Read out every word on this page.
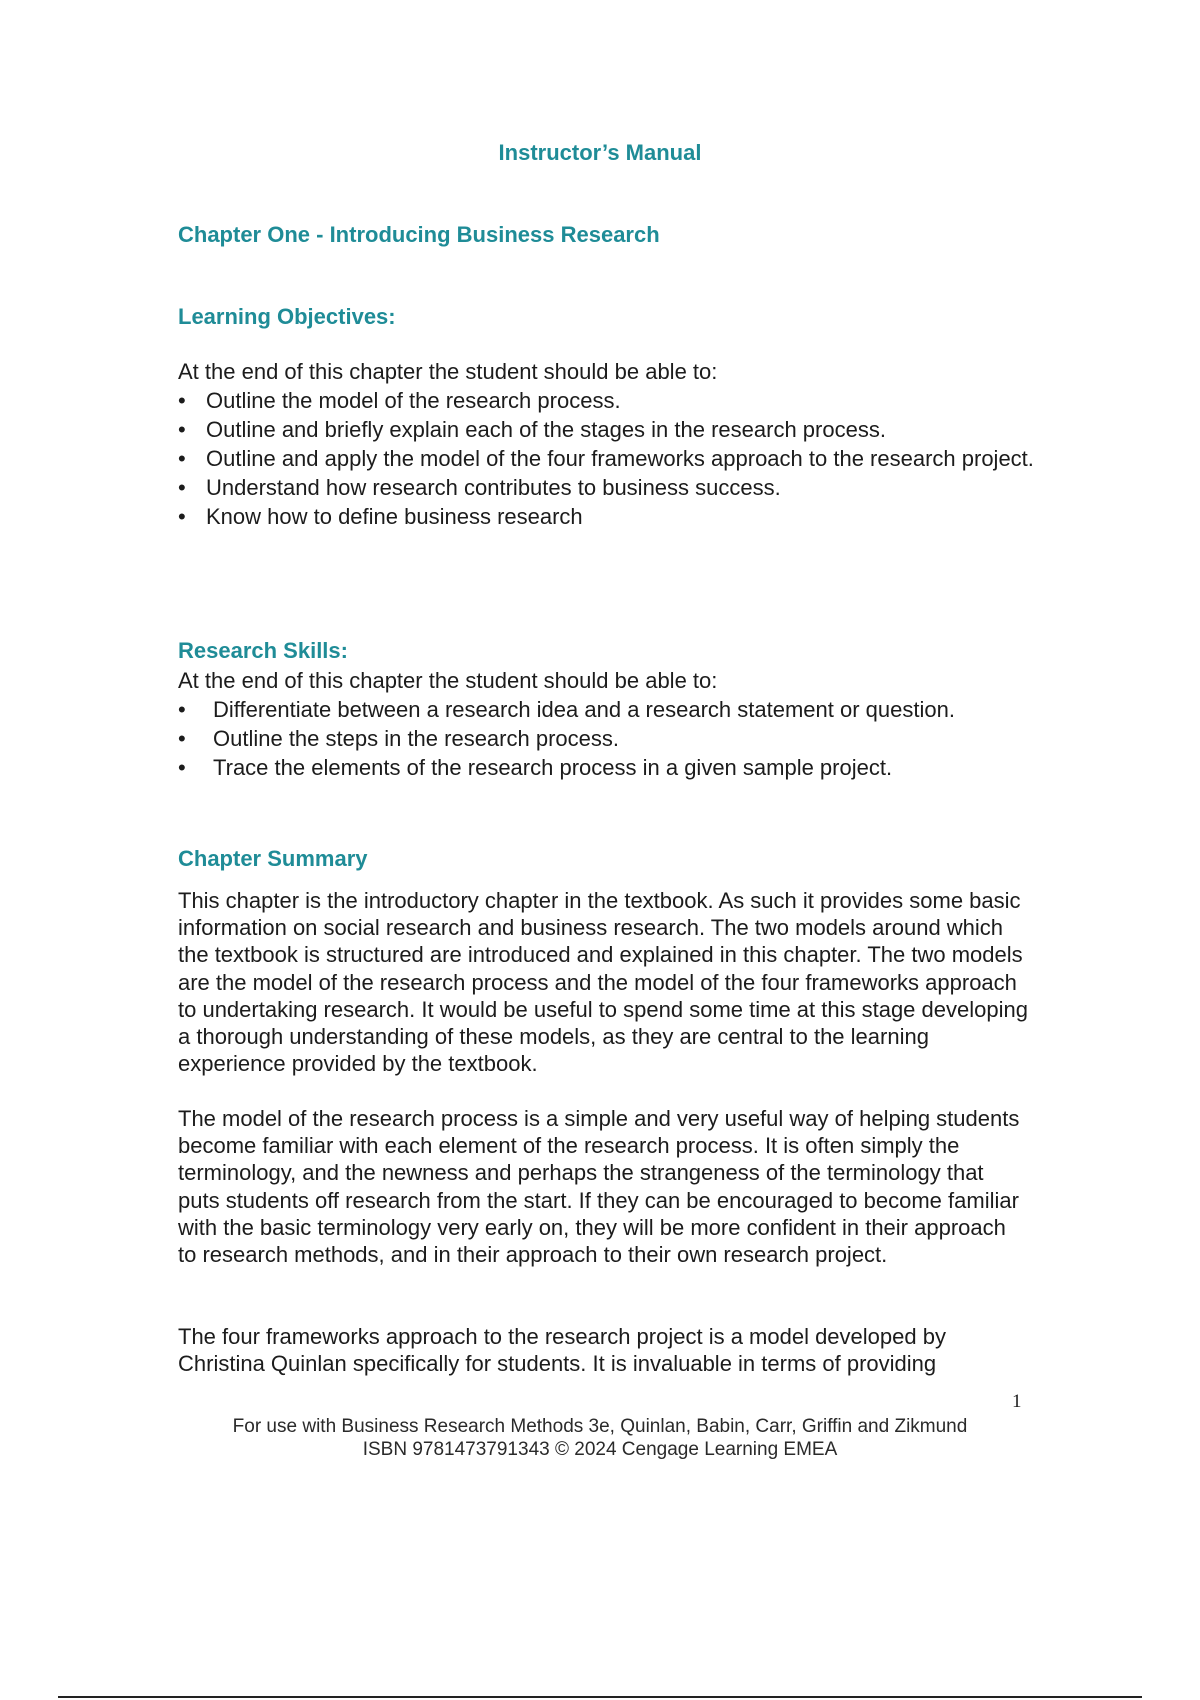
Instructor’s Manual
Chapter One - Introducing Business Research
Learning Objectives:

At the end of this chapter the student should be able to:

• Outline the model of the research process.
• Outline and briefly explain each of the stages in the research process.
• Outline and apply the model of the four frameworks approach to the research project.
• Understand how research contributes to business success.
• Know how to define business research
Research Skills:

At the end of this chapter the student should be able to:

• Differentiate between a research idea and a research statement or question.
• Outline the steps in the research process.
• Trace the elements of the research process in a given sample project.
Chapter Summary

This chapter is the introductory chapter in the textbook. As such it provides some basic information on social research and business research. The two models around which the textbook is structured are introduced and explained in this chapter. The two models are the model of the research process and the model of the four frameworks approach to undertaking research. It would be useful to spend some time at this stage developing a thorough understanding of these models, as they are central to the learning experience provided by the textbook.

The model of the research process is a simple and very useful way of helping students become familiar with each element of the research process. It is often simply the terminology, and the newness and perhaps the strangeness of the terminology that puts students off research from the start. If they can be encouraged to become familiar with the basic terminology very early on, they will be more confident in their approach to research methods, and in their approach to their own research project.

The four frameworks approach to the research project is a model developed by Christina Quinlan specifically for students. It is invaluable in terms of providing

1
For use with Business Research Methods 3e, Quinlan, Babin, Carr, Griffin and Zikmund
ISBN 9781473791343 © 2024 Cengage Learning EMEA
